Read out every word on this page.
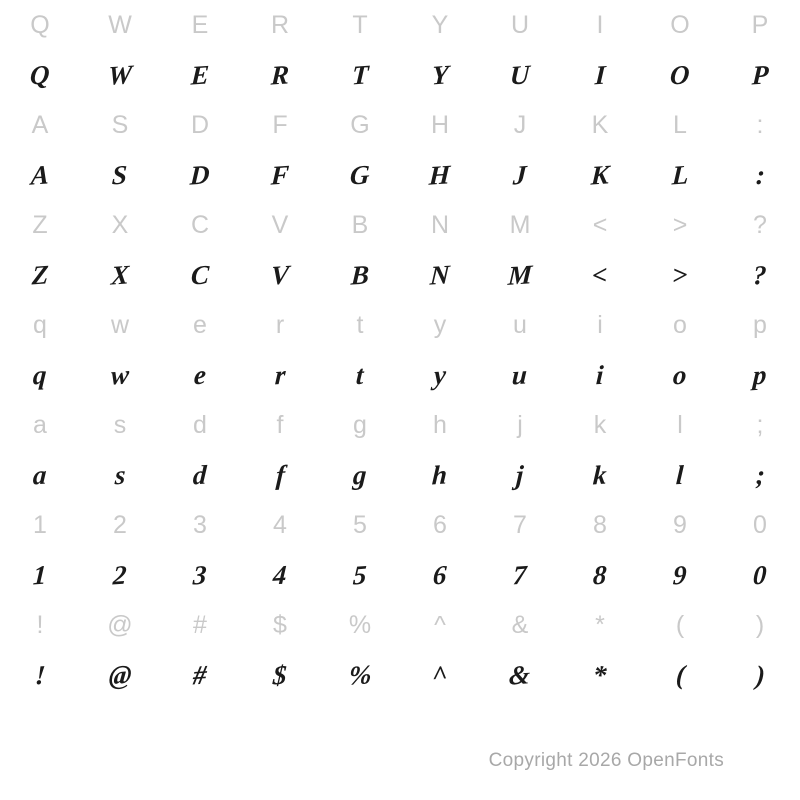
Q W E	R	T	Y	U	I	O P
Q W E R T Y U I O P
A	S	D	F	G H	J	K	L	:
A S D F G H J K L :
Z	X	C	V	B	N M <	>	?
Z X C V B N M < > ?
q	w	e	r	t	y	u	i	o	p
q w e r	t	y u i	o p
a	s	d	f	g	h	j	k	l	;
a s d f g h j	k	l	;
1	2	3	4	5	6	7	8	9	0
1 2 3 4 5 6 7 8 9 0
!	@ #	$ %	^	&	*	(	)
! @ # $ % ^ & * (	)
Copyright 2026 OpenFonts
